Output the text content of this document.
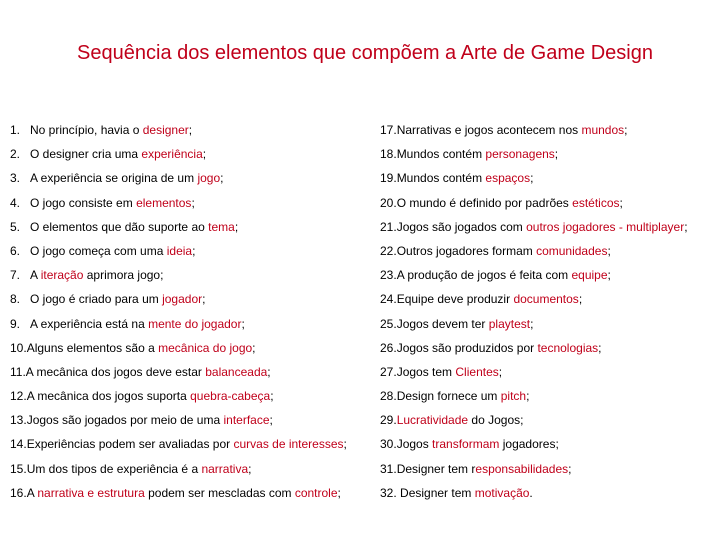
Sequência dos elementos que compõem a Arte de Game Design
1. No princípio, havia o designer;
2. O designer cria uma experiência;
3. A experiência se origina de um jogo;
4. O jogo consiste em elementos;
5. O elementos que dão suporte ao tema;
6. O jogo começa com uma ideia;
7. A iteração aprimora jogo;
8. O jogo é criado para um jogador;
9. A experiência está na mente do jogador;
10.Alguns elementos são a mecânica do jogo;
11.A mecânica dos jogos deve estar balanceada;
12.A mecânica dos jogos suporta quebra-cabeça;
13.Jogos são jogados por meio de uma interface;
14.Experiências podem ser avaliadas por curvas de interesses;
15.Um dos tipos de experiência é a narrativa;
16.A narrativa e estrutura podem ser mescladas com controle;
17.Narrativas e jogos acontecem nos mundos;
18.Mundos contém personagens;
19.Mundos contém espaços;
20.O mundo é definido por padrões estéticos;
21.Jogos são jogados com outros jogadores - multiplayer;
22.Outros jogadores formam comunidades;
23.A produção de jogos é feita com equipe;
24.Equipe deve produzir documentos;
25.Jogos devem ter playtest;
26.Jogos são produzidos por tecnologias;
27.Jogos tem Clientes;
28.Design fornece um pitch;
29.Lucratividade do Jogos;
30.Jogos transformam jogadores;
31.Designer tem responsabilidades;
32. Designer tem motivação.
